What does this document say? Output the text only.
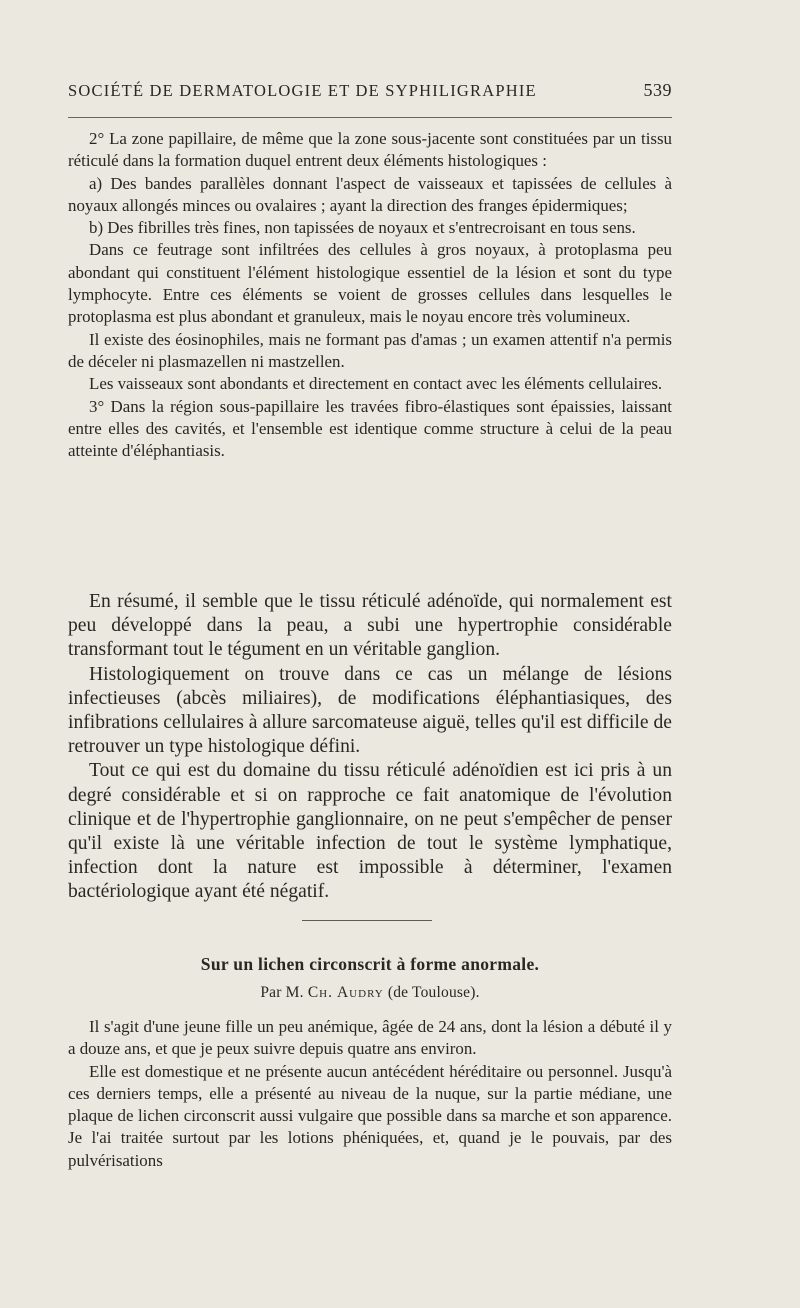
SOCIÉTÉ DE DERMATOLOGIE ET DE SYPHILIGRAPHIE	539

2° La zone papillaire, de même que la zone sous-jacente sont constituées par un tissu réticulé dans la formation duquel entrent deux éléments histologiques :

a) Des bandes parallèles donnant l'aspect de vaisseaux et tapissées de cellules à noyaux allongés minces ou ovalaires ; ayant la direction des franges épidermiques;

b) Des fibrilles très fines, non tapissées de noyaux et s'entrecroisant en tous sens.

Dans ce feutrage sont infiltrées des cellules à gros noyaux, à protoplasma peu abondant qui constituent l'élément histologique essentiel de la lésion et sont du type lymphocyte. Entre ces éléments se voient de grosses cellules dans lesquelles le protoplasma est plus abondant et granuleux, mais le noyau encore très volumineux.

Il existe des éosinophiles, mais ne formant pas d'amas ; un examen attentif n'a permis de déceler ni plasmazellen ni mastzellen.

Les vaisseaux sont abondants et directement en contact avec les éléments cellulaires.

3° Dans la région sous-papillaire les travées fibro-élastiques sont épaissies, laissant entre elles des cavités, et l'ensemble est identique comme structure à celui de la peau atteinte d'éléphantiasis.

En résumé, il semble que le tissu réticulé adénoïde, qui normalement est peu développé dans la peau, a subi une hypertrophie considérable transformant tout le tégument en un véritable ganglion.

Histologiquement on trouve dans ce cas un mélange de lésions infectieuses (abcès miliaires), de modifications éléphantiasiques, des infibrations cellulaires à allure sarcomateuse aiguë, telles qu'il est difficile de retrouver un type histologique défini.

Tout ce qui est du domaine du tissu réticulé adénoïdien est ici pris à un degré considérable et si on rapproche ce fait anatomique de l'évolution clinique et de l'hypertrophie ganglionnaire, on ne peut s'empêcher de penser qu'il existe là une véritable infection de tout le système lymphatique, infection dont la nature est impossible à déterminer, l'examen bactériologique ayant été négatif.

Sur un lichen circonscrit à forme anormale.
Par M. Ch. Audry (de Toulouse).

Il s'agit d'une jeune fille un peu anémique, âgée de 24 ans, dont la lésion a débuté il y a douze ans, et que je peux suivre depuis quatre ans environ.

Elle est domestique et ne présente aucun antécédent héréditaire ou personnel. Jusqu'à ces derniers temps, elle a présenté au niveau de la nuque, sur la partie médiane, une plaque de lichen circonscrit aussi vulgaire que possible dans sa marche et son apparence. Je l'ai traitée surtout par les lotions phéniquées, et, quand je le pouvais, par des pulvérisations
